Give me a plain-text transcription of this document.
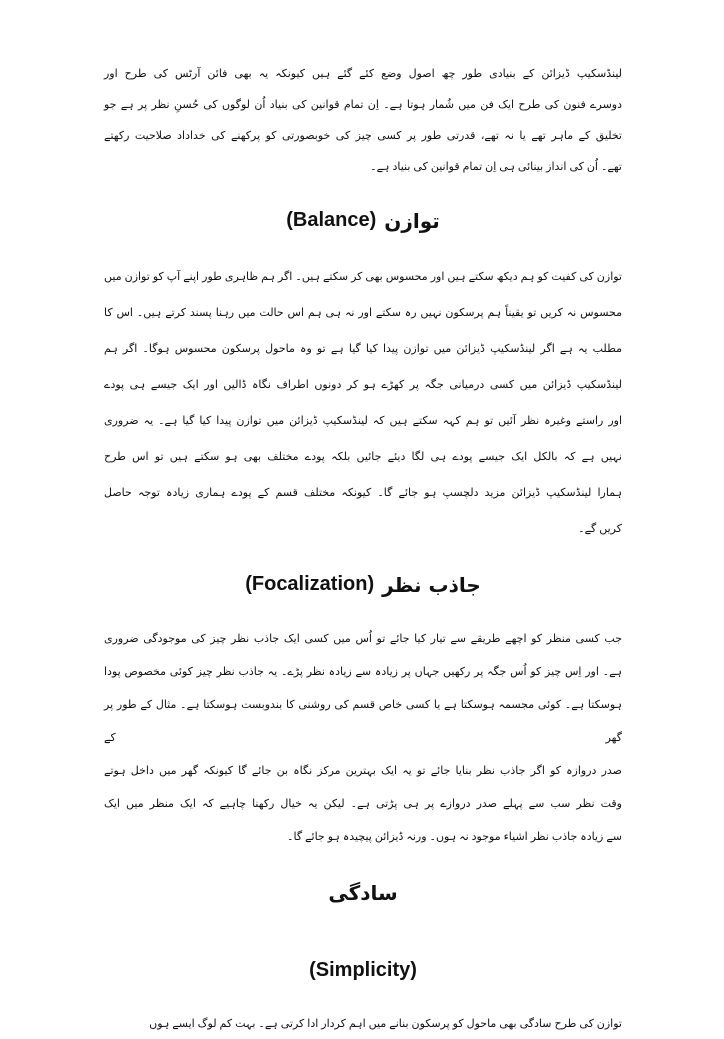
لینڈسکیپ ڈیزائن کے بنیادی طور چھ اصول وضع کئے گئے ہیں کیونکہ یہ بھی فائن آرٹس کی طرح اور
دوسرے فنون کی طرح ایک فن میں شُمار ہوتا ہے۔ اِن تمام قوانین کی بنیاد اُن لوگوں کی حُسنِ نظر پر ہے جو
تخلیق کے ماہر تھے یا نہ تھے، قدرتی طور پر کسی چیز کی خوبصورتی کو پرکھنے کی خداداد صلاحیت رکھتے
تھے۔ اُن کی انداز بینائی ہی اِن تمام قوانین کی بنیاد ہے۔
توازن
(Balance)
توازن کی کفیت کو ہم دیکھ سکتے ہیں اور محسوس بھی کر سکتے ہیں۔ اگر ہم ظاہری طور اپنے آپ کو توازن میں
محسوس نہ کریں تو یقیناً ہم پرسکون نہیں رہ سکتے اور نہ ہی ہم اس حالت میں رہنا پسند کرتے ہیں۔ اس کا
مطلب یہ ہے اگر لینڈسکیپ ڈیزائن میں توازن پیدا کیا گیا ہے تو وہ ماحول پرسکون محسوس ہوگا۔ اگر ہم
لینڈسکیپ ڈیزائن میں کسی درمیانی جگہ پر کھڑے ہو کر دونوں اطراف نگاہ ڈالیں اور ایک جیسے ہی پودے
اور راستے وغیرہ نظر آئیں تو ہم کہہ سکتے ہیں کہ لینڈسکیپ ڈیزائن میں توازن پیدا کیا گیا ہے۔ یہ ضروری
نہیں ہے کہ بالکل ایک جیسے پودے ہی لگا دیئے جائیں بلکہ پودے مختلف بھی ہو سکتے ہیں تو اس طرح
ہمارا لینڈسکیپ ڈیزائن مزید دلچسپ ہو جائے گا۔ کیونکہ مختلف قسم کے پودے ہماری زیادہ توجہ حاصل
کریں گے۔
جاذب نظر
(Focalization)
جب کسی منظر کو اچھے طریقے سے تیار کیا جائے تو اُس میں کسی ایک جاذب نظر چیز کی موجودگی ضروری
ہے۔ اور اِس چیز کو اُس جگہ پر رکھیں جہاں پر زیادہ سے زیادہ نظر پڑے۔ یہ جاذب نظر چیز کوئی مخصوص پودا
ہوسکتا ہے۔ کوئی مجسمہ ہوسکتا ہے یا کسی خاص قسم کی روشنی کا بندوبست ہوسکتا ہے۔ مثال کے طور پر گھر کے
صدر دروازہ کو اگر جاذب نظر بنایا جائے تو یہ ایک بہترین مرکز نگاہ بن جائے گا کیونکہ گھر میں داخل ہوتے
وقت نظر سب سے پہلے صدر دروازے پر ہی پڑتی ہے۔ لیکن یہ خیال رکھنا چاہیے کہ ایک منظر میں ایک
سے زیادہ جاذب نظر اشیاء موجود نہ ہوں۔ ورنہ ڈیزائن پیچیدہ ہو جائے گا۔
سادگی
(Simplicity)
توازن کی طرح سادگی بھی ماحول کو پرسکون بنانے میں اہم کردار ادا کرتی ہے۔ بہت کم لوگ ایسے ہوں
